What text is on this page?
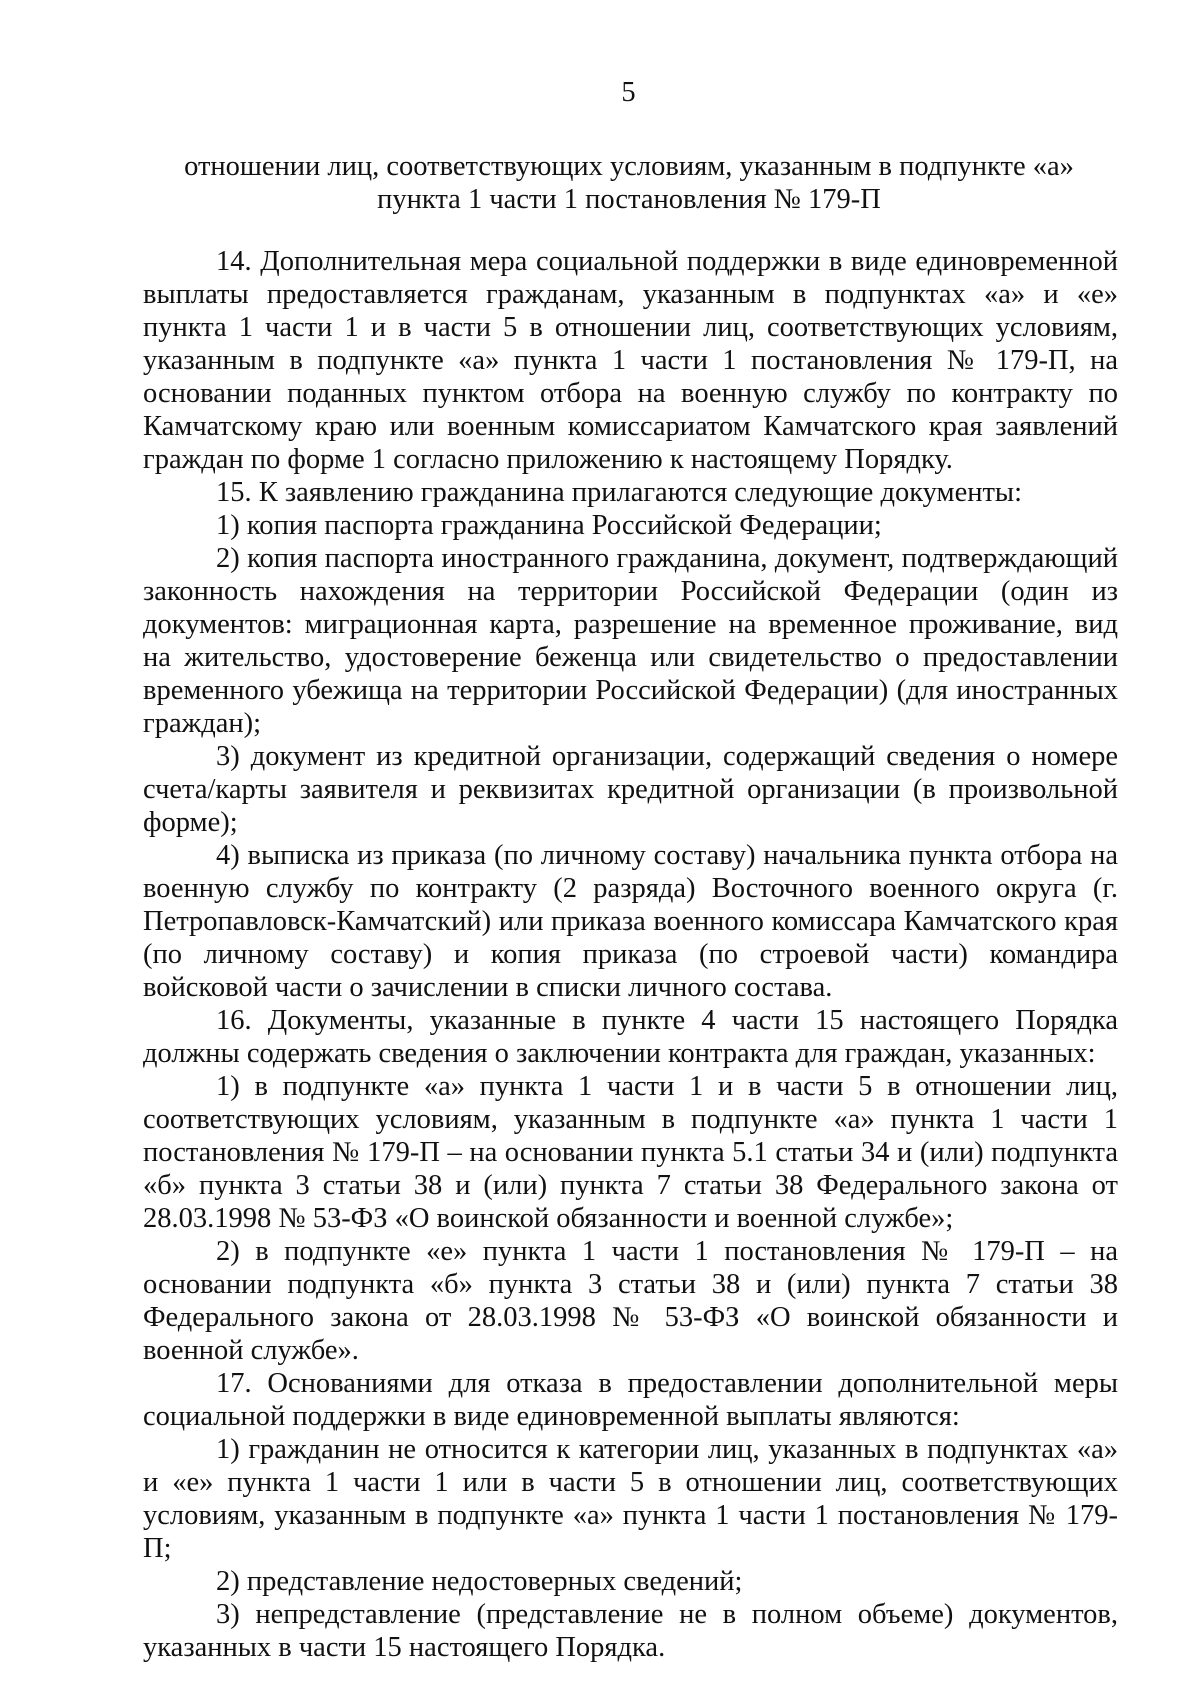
5

отношении лиц, соответствующих условиям, указанным в подпункте «а»

пункта 1 части 1 постановления № 179-П

14. Дополнительная мера социальной поддержки в виде единовременной выплаты предоставляется гражданам, указанным в подпунктах «а» и «е» пункта 1 части 1 и в части 5 в отношении лиц, соответствующих условиям, указанным в подпункте «а» пункта 1 части 1 постановления № 179-П, на основании поданных пунктом отбора на военную службу по контракту по Камчатскому краю или военным комиссариатом Камчатского края заявлений граждан по форме 1 согласно приложению к настоящему Порядку.

15. К заявлению гражданина прилагаются следующие документы:

1) копия паспорта гражданина Российской Федерации;

2) копия паспорта иностранного гражданина, документ, подтверждающий законность нахождения на территории Российской Федерации (один из документов: миграционная карта, разрешение на временное проживание, вид на жительство, удостоверение беженца или свидетельство о предоставлении временного убежища на территории Российской Федерации) (для иностранных граждан);

3) документ из кредитной организации, содержащий сведения о номере счета/карты заявителя и реквизитах кредитной организации (в произвольной форме);

4) выписка из приказа (по личному составу) начальника пункта отбора на военную службу по контракту (2 разряда) Восточного военного округа (г. Петропавловск-Камчатский) или приказа военного комиссара Камчатского края (по личному составу) и копия приказа (по строевой части) командира войсковой части о зачислении в списки личного состава.

16. Документы, указанные в пункте 4 части 15 настоящего Порядка должны содержать сведения о заключении контракта для граждан, указанных:

1) в подпункте «а» пункта 1 части 1 и в части 5 в отношении лиц, соответствующих условиям, указанным в подпункте «а» пункта 1 части 1 постановления № 179-П – на основании пункта 5.1 статьи 34 и (или) подпункта «б» пункта 3 статьи 38 и (или) пункта 7 статьи 38 Федерального закона от 28.03.1998 № 53-ФЗ «О воинской обязанности и военной службе»;

2) в подпункте «е» пункта 1 части 1 постановления № 179-П – на основании подпункта «б» пункта 3 статьи 38 и (или) пункта 7 статьи 38 Федерального закона от 28.03.1998 № 53-ФЗ «О воинской обязанности и военной службе».

17. Основаниями для отказа в предоставлении дополнительной меры социальной поддержки в виде единовременной выплаты являются:

1) гражданин не относится к категории лиц, указанных в подпунктах «а» и «е» пункта 1 части 1 или в части 5 в отношении лиц, соответствующих условиям, указанным в подпункте «а» пункта 1 части 1 постановления № 179-П;

2) представление недостоверных сведений;

3) непредставление (представление не в полном объеме) документов, указанных в части 15 настоящего Порядка.
